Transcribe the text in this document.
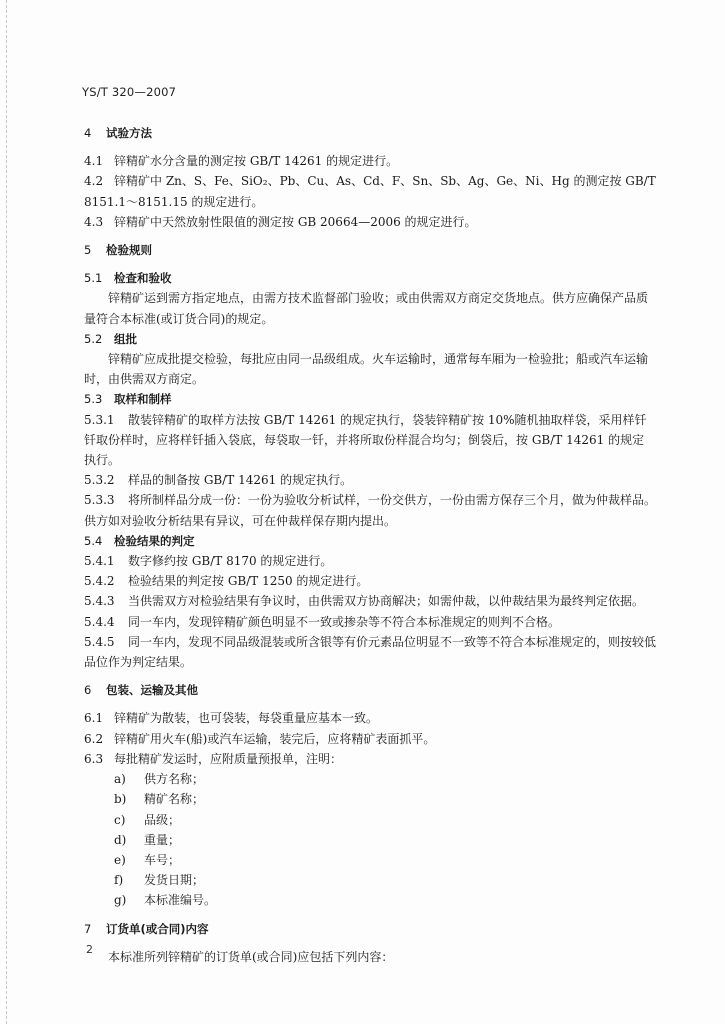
YS/T 320—2007

4 试验方法

4.1 锌精矿水分含量的测定按 GB/T 14261 的规定进行。

4.2 锌精矿中 Zn、S、Fe、SiO₂、Pb、Cu、As、Cd、F、Sn、Sb、Ag、Ge、Ni、Hg 的测定按 GB/T 8151.1～8151.15 的规定进行。

4.3 锌精矿中天然放射性限值的测定按 GB 20664—2006 的规定进行。

5 检验规则

5.1 检查和验收

锌精矿运到需方指定地点，由需方技术监督部门验收；或由供需双方商定交货地点。供方应确保产品质量符合本标准(或订货合同)的规定。

5.2 组批

锌精矿应成批提交检验，每批应由同一品级组成。火车运输时，通常每车厢为一检验批；船或汽车运输时，由供需双方商定。

5.3 取样和制样

5.3.1 散装锌精矿的取样方法按 GB/T 14261 的规定执行，袋装锌精矿按 10%随机抽取样袋，采用样钎钎取份样时，应将样钎插入袋底，每袋取一钎，并将所取份样混合均匀；倒袋后，按 GB/T 14261 的规定执行。

5.3.2 样品的制备按 GB/T 14261 的规定执行。

5.3.3 将所制样品分成一份：一份为验收分析试样，一份交供方，一份由需方保存三个月，做为仲裁样品。供方如对验收分析结果有异议，可在仲裁样保存期内提出。

5.4 检验结果的判定

5.4.1 数字修约按 GB/T 8170 的规定进行。

5.4.2 检验结果的判定按 GB/T 1250 的规定进行。

5.4.3 当供需双方对检验结果有争议时，由供需双方协商解决；如需仲裁，以仲裁结果为最终判定依据。

5.4.4 同一车内，发现锌精矿颜色明显不一致或掺杂等不符合本标准规定的则判不合格。

5.4.5 同一车内，发现不同品级混装或所含银等有价元素品位明显不一致等不符合本标准规定的，则按较低品位作为判定结果。

6 包装、运输及其他

6.1 锌精矿为散装，也可袋装，每袋重量应基本一致。

6.2 锌精矿用火车(船)或汽车运输，装完后，应将精矿表面抓平。

6.3 每批精矿发运时，应附质量预报单，注明：

a) 供方名称；

b) 精矿名称；

c) 品级；

d) 重量；

e) 车号；

f) 发货日期；

g) 本标准编号。

7 订货单(或合同)内容

本标准所列锌精矿的订货单(或合同)应包括下列内容：

2
